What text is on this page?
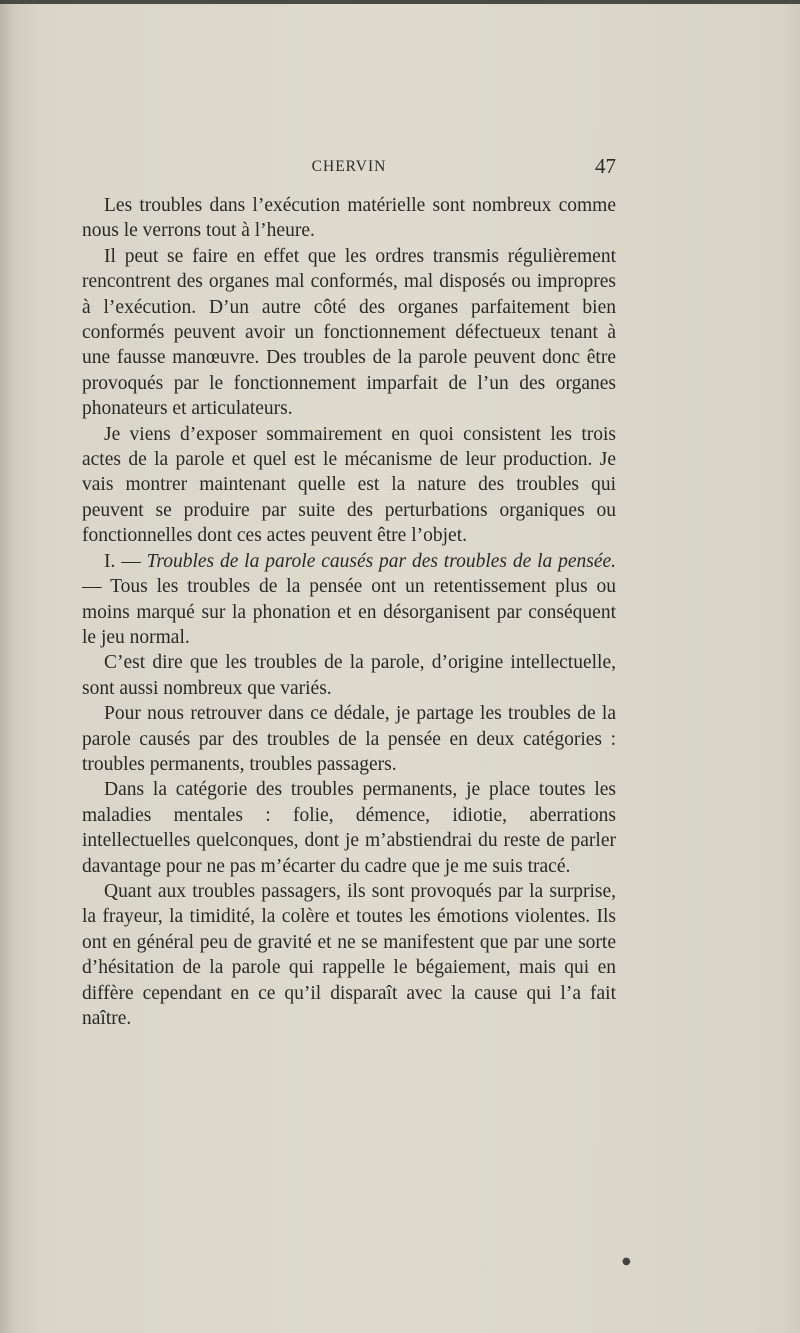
CHERVIN	47

Les troubles dans l’exécution matérielle sont nombreux comme nous le verrons tout à l’heure.

Il peut se faire en effet que les ordres transmis régulièrement rencontrent des organes mal conformés, mal disposés ou impropres à l’exécution. D’un autre côté des organes parfaitement bien conformés peuvent avoir un fonctionnement défectueux tenant à une fausse manœuvre. Des troubles de la parole peuvent donc être provoqués par le fonctionnement imparfait de l’un des organes phonateurs et articulateurs.

Je viens d’exposer sommairement en quoi consistent les trois actes de la parole et quel est le mécanisme de leur production. Je vais montrer maintenant quelle est la nature des troubles qui peuvent se produire par suite des perturbations organiques ou fonctionnelles dont ces actes peuvent être l’objet.

I. — Troubles de la parole causés par des troubles de la pensée. — Tous les troubles de la pensée ont un retentissement plus ou moins marqué sur la phonation et en désorganisent par conséquent le jeu normal.

C’est dire que les troubles de la parole, d’origine intellectuelle, sont aussi nombreux que variés.

Pour nous retrouver dans ce dédale, je partage les troubles de la parole causés par des troubles de la pensée en deux catégories : troubles permanents, troubles passagers.

Dans la catégorie des troubles permanents, je place toutes les maladies mentales : folie, démence, idiotie, aberrations intellectuelles quelconques, dont je m’abstiendrai du reste de parler davantage pour ne pas m’écarter du cadre que je me suis tracé.

Quant aux troubles passagers, ils sont provoqués par la surprise, la frayeur, la timidité, la colère et toutes les émotions violentes. Ils ont en général peu de gravité et ne se manifestent que par une sorte d’hésitation de la parole qui rappelle le bégaiement, mais qui en diffère cependant en ce qu’il disparaît avec la cause qui l’a fait naître.

●
